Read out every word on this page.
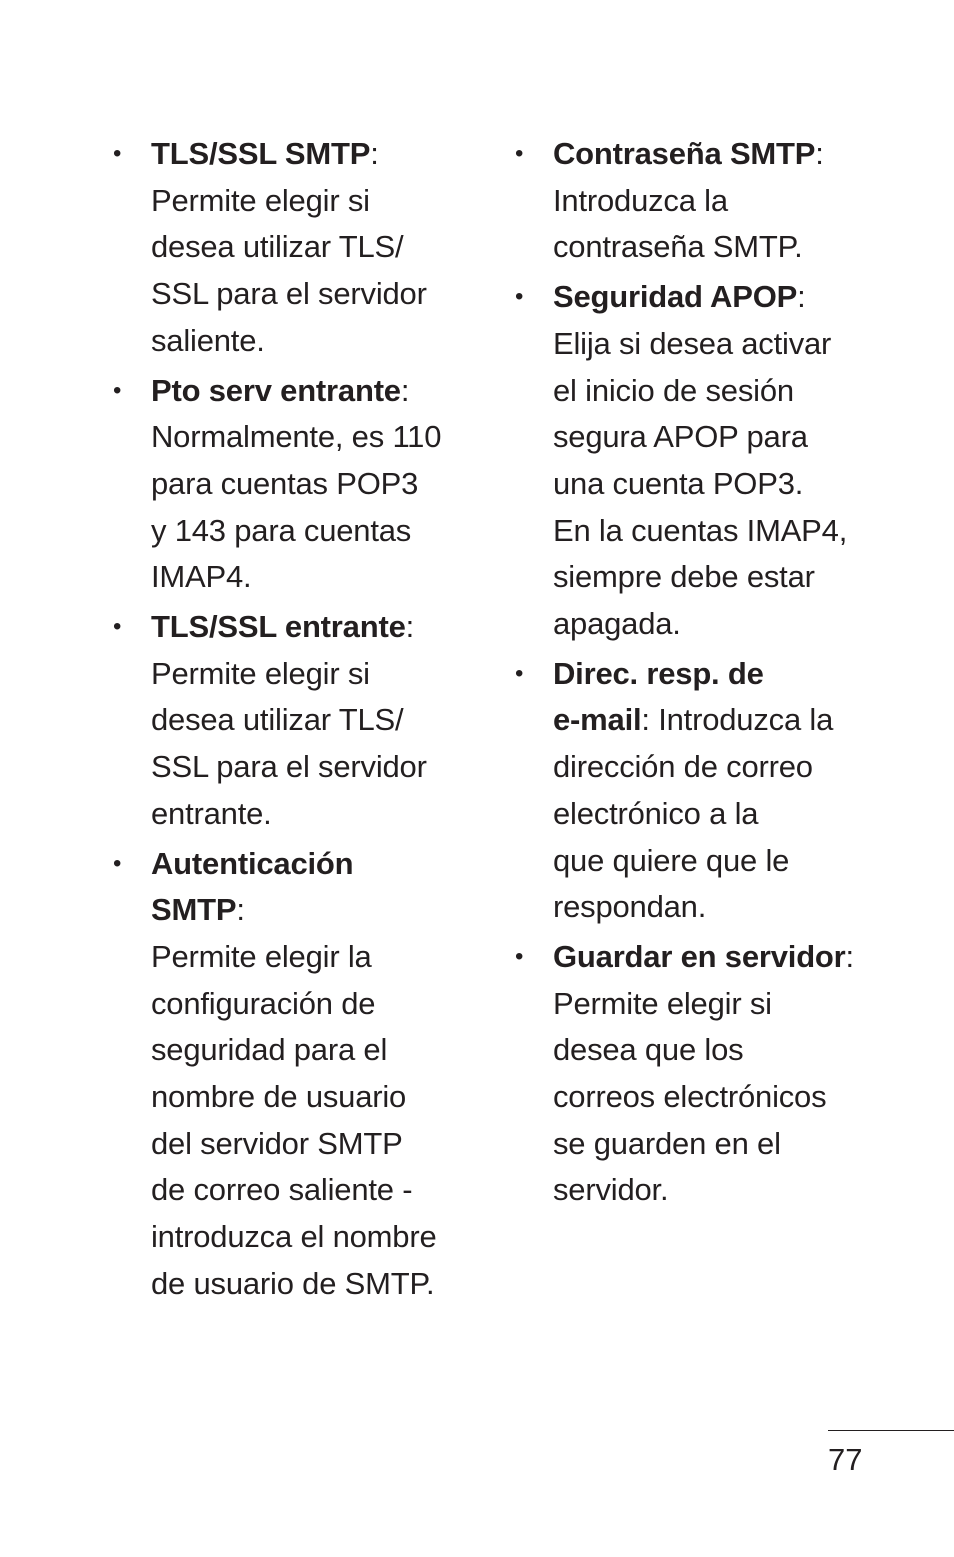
• TLS/SSL SMTP:
Permite elegir si
desea utilizar TLS/
SSL para el servidor
saliente.
• Pto serv entrante:
Normalmente, es 110
para cuentas POP3
y 143 para cuentas
IMAP4.
• TLS/SSL entrante:
Permite elegir si
desea utilizar TLS/
SSL para el servidor
entrante.
• Autenticación SMTP:
Permite elegir la
configuración de
seguridad para el
nombre de usuario
del servidor SMTP
de correo saliente -
introduzca el nombre
de usuario de SMTP.
• Contraseña SMTP:
Introduzca la
contraseña SMTP.
• Seguridad APOP:
Elija si desea activar
el inicio de sesión
segura APOP para
una cuenta POP3.
En la cuentas IMAP4,
siempre debe estar
apagada.
• Direc. resp. de
e-mail: Introduzca la
dirección de correo
electrónico a la
que quiere que le
respondan.
• Guardar en servidor:
Permite elegir si
desea que los
correos electrónicos
se guarden en el
servidor.
77
